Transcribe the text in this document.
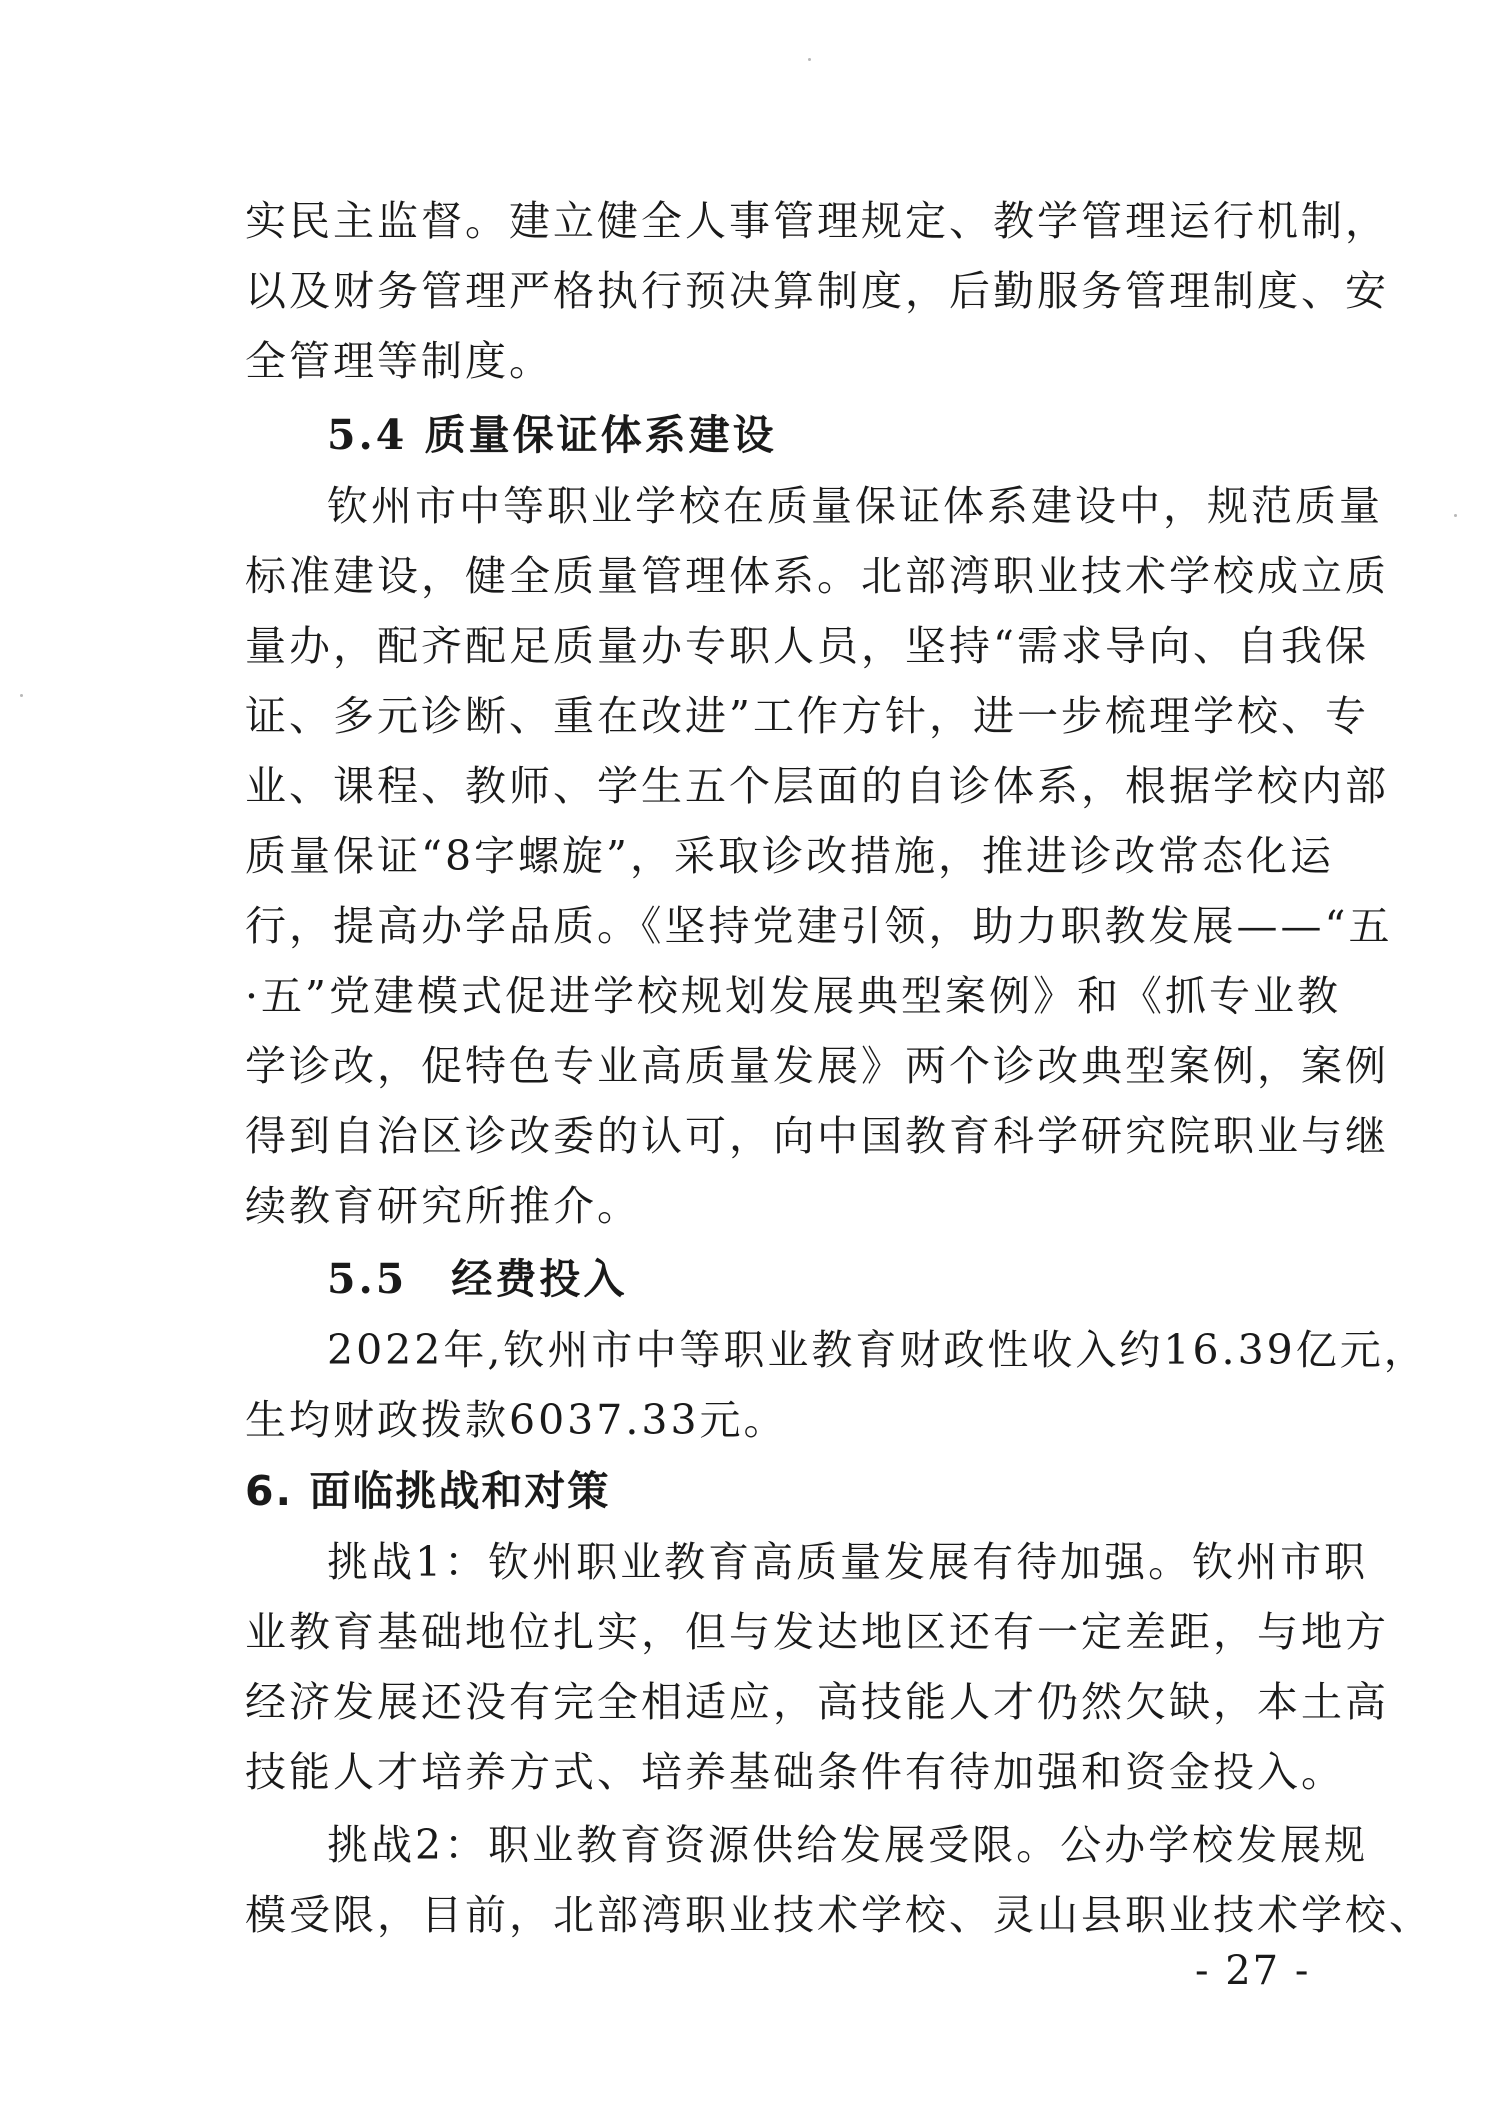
实民主监督。建立健全人事管理规定、教学管理运行机制，
以及财务管理严格执行预决算制度，后勤服务管理制度、安
全管理等制度。
5.4 质量保证体系建设
钦州市中等职业学校在质量保证体系建设中，规范质量
标准建设，健全质量管理体系。北部湾职业技术学校成立质
量办，配齐配足质量办专职人员，坚持“需求导向、自我保
证、多元诊断、重在改进”工作方针，进一步梳理学校、专
业、课程、教师、学生五个层面的自诊体系，根据学校内部
质量保证“8字螺旋”，采取诊改措施，推进诊改常态化运
行，提高办学品质。《坚持党建引领，助力职教发展——“五
·五”党建模式促进学校规划发展典型案例》和《抓专业教
学诊改，促特色专业高质量发展》两个诊改典型案例，案例
得到自治区诊改委的认可，向中国教育科学研究院职业与继
续教育研究所推介。
5.5　经费投入
2022年,钦州市中等职业教育财政性收入约16.39亿元，
生均财政拨款6037.33元。
6. 面临挑战和对策
挑战1：钦州职业教育高质量发展有待加强。钦州市职
业教育基础地位扎实，但与发达地区还有一定差距，与地方
经济发展还没有完全相适应，高技能人才仍然欠缺，本土高
技能人才培养方式、培养基础条件有待加强和资金投入。
挑战2：职业教育资源供给发展受限。公办学校发展规
模受限，目前，北部湾职业技术学校、灵山县职业技术学校、
- 27 -
